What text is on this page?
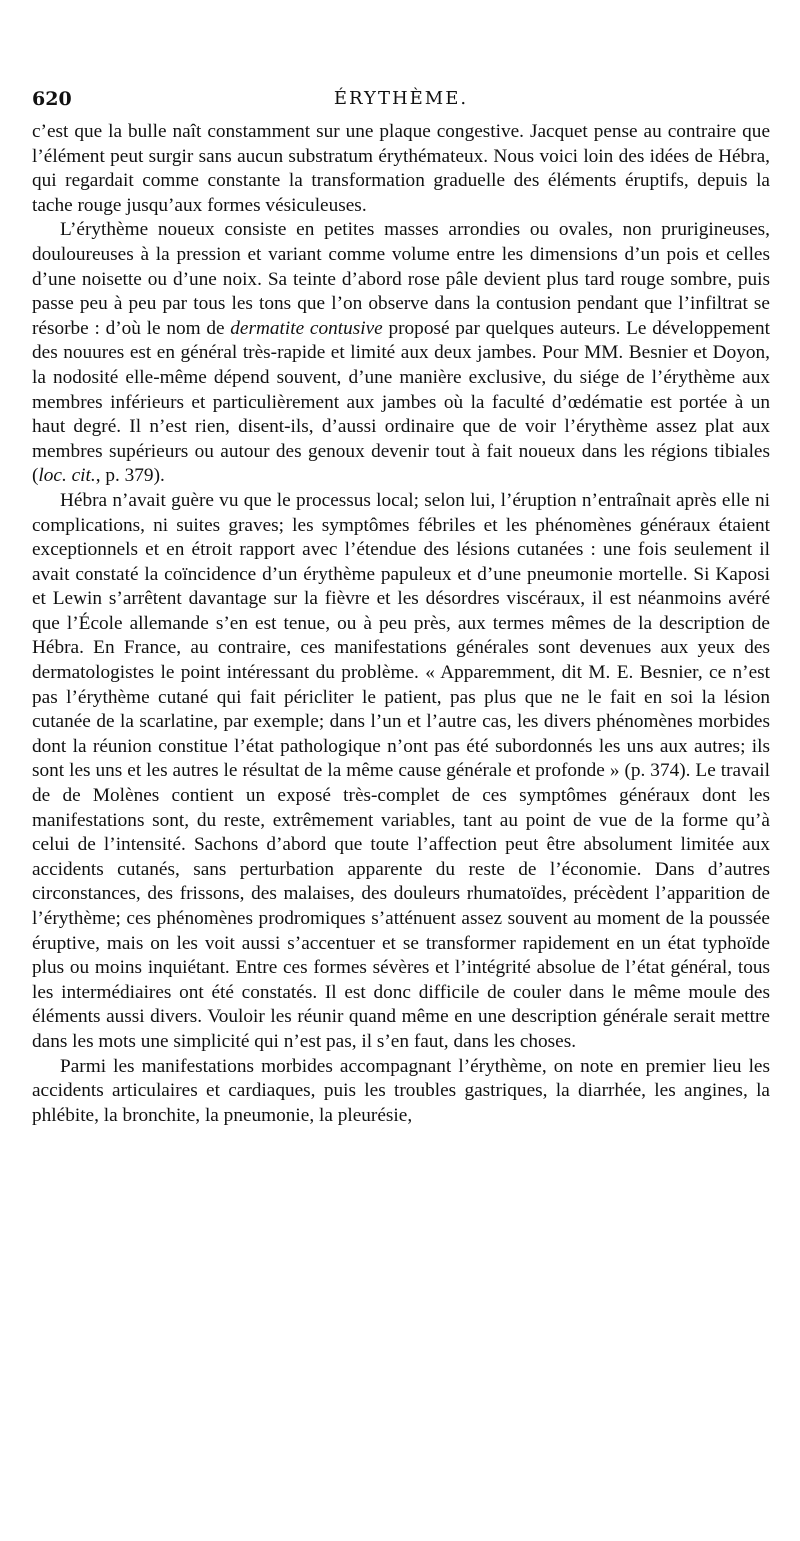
620	ÉRYTHÈME.

c’est que la bulle naît constamment sur une plaque congestive. Jacquet pense au contraire que l’élément peut surgir sans aucun substratum érythémateux. Nous voici loin des idées de Hébra, qui regardait comme constante la transformation graduelle des éléments éruptifs, depuis la tache rouge jusqu’aux formes vésiculeuses.

L’érythème noueux consiste en petites masses arrondies ou ovales, non prurigineuses, douloureuses à la pression et variant comme volume entre les dimensions d’un pois et celles d’une noisette ou d’une noix. Sa teinte d’abord rose pâle devient plus tard rouge sombre, puis passe peu à peu par tous les tons que l’on observe dans la contusion pendant que l’infiltrat se résorbe : d’où le nom de dermatite contusive proposé par quelques auteurs. Le développement des nouures est en général très-rapide et limité aux deux jambes. Pour MM. Besnier et Doyon, la nodosité elle-même dépend souvent, d’une manière exclusive, du siége de l’érythème aux membres inférieurs et particulièrement aux jambes où la faculté d’œdématie est portée à un haut degré. Il n’est rien, disent-ils, d’aussi ordinaire que de voir l’érythème assez plat aux membres supérieurs ou autour des genoux devenir tout à fait noueux dans les régions tibiales (loc. cit., p. 379).

Hébra n’avait guère vu que le processus local; selon lui, l’éruption n’entraînait après elle ni complications, ni suites graves; les symptômes fébriles et les phénomènes généraux étaient exceptionnels et en étroit rapport avec l’étendue des lésions cutanées : une fois seulement il avait constaté la coïncidence d’un érythème papuleux et d’une pneumonie mortelle. Si Kaposi et Lewin s’arrêtent davantage sur la fièvre et les désordres viscéraux, il est néanmoins avéré que l’École allemande s’en est tenue, ou à peu près, aux termes mêmes de la description de Hébra. En France, au contraire, ces manifestations générales sont devenues aux yeux des dermatologistes le point intéressant du problème. « Apparemment, dit M. E. Besnier, ce n’est pas l’érythème cutané qui fait péricliter le patient, pas plus que ne le fait en soi la lésion cutanée de la scarlatine, par exemple; dans l’un et l’autre cas, les divers phénomènes morbides dont la réunion constitue l’état pathologique n’ont pas été subordonnés les uns aux autres; ils sont les uns et les autres le résultat de la même cause générale et profonde » (p. 374). Le travail de de Molènes contient un exposé très-complet de ces symptômes généraux dont les manifestations sont, du reste, extrêmement variables, tant au point de vue de la forme qu’à celui de l’intensité. Sachons d’abord que toute l’affection peut être absolument limitée aux accidents cutanés, sans perturbation apparente du reste de l’économie. Dans d’autres circonstances, des frissons, des malaises, des douleurs rhumatoïdes, précèdent l’apparition de l’érythème; ces phénomènes prodromiques s’atténuent assez souvent au moment de la poussée éruptive, mais on les voit aussi s’accentuer et se transformer rapidement en un état typhoïde plus ou moins inquiétant. Entre ces formes sévères et l’intégrité absolue de l’état général, tous les intermédiaires ont été constatés. Il est donc difficile de couler dans le même moule des éléments aussi divers. Vouloir les réunir quand même en une description générale serait mettre dans les mots une simplicité qui n’est pas, il s’en faut, dans les choses.

Parmi les manifestations morbides accompagnant l’érythème, on note en premier lieu les accidents articulaires et cardiaques, puis les troubles gastriques, la diarrhée, les angines, la phlébite, la bronchite, la pneumonie, la pleurésie,
